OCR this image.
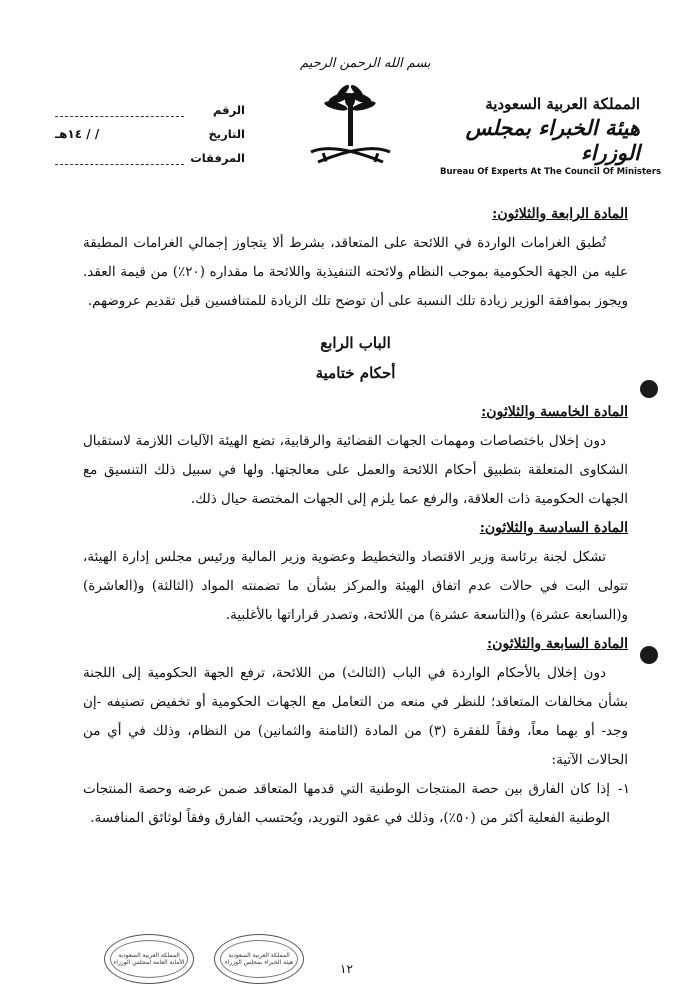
بسم الله الرحمن الرحيم
المملكة العربية السعودية
هيئة الخبراء بمجلس الوزراء
Bureau Of Experts At The Council Of Ministers
الرقم
التاريخ
/ / ١٤هـ
المرفقات

المادة الرابعة والثلاثون:

تُطبق الغرامات الواردة في اللائحة على المتعاقد، بشرط ألا يتجاوز إجمالي الغرامات المطبقة عليه من الجهة الحكومية بموجب النظام ولائحته التنفيذية واللائحة ما مقداره (٢٠٪) من قيمة العقد. ويجوز بموافقة الوزير زيادة تلك النسبة على أن توضح تلك الزيادة للمتنافسين قبل تقديم عروضهم.

الباب الرابع
أحكام ختامية

المادة الخامسة والثلاثون:

دون إخلال باختصاصات ومهمات الجهات القضائية والرقابية، تضع الهيئة الآليات اللازمة لاستقبال الشكاوى المتعلقة بتطبيق أحكام اللائحة والعمل على معالجتها. ولها في سبيل ذلك التنسيق مع الجهات الحكومية ذات العلاقة، والرفع عما يلزم إلى الجهات المختصة حيال ذلك.

المادة السادسة والثلاثون:

تشكل لجنة برئاسة وزير الاقتصاد والتخطيط وعضوية وزير المالية ورئيس مجلس إدارة الهيئة، تتولى البت في حالات عدم اتفاق الهيئة والمركز بشأن ما تضمنته المواد (الثالثة) و(العاشرة) و(السابعة عشرة) و(التاسعة عشرة) من اللائحة، وتصدر قراراتها بالأغلبية.

المادة السابعة والثلاثون:

دون إخلال بالأحكام الواردة في الباب (الثالث) من اللائحة، ترفع الجهة الحكومية إلى اللجنة بشأن مخالفات المتعاقد؛ للنظر في منعه من التعامل مع الجهات الحكومية أو تخفيض تصنيفه -إن وجد- أو بهما معاً، وفقاً للفقرة (٣) من المادة (الثامنة والثمانين) من النظام، وذلك في أي من الحالات الآتية:

١-
إذا كان الفارق بين حصة المنتجات الوطنية التي قدمها المتعاقد ضمن عرضه وحصة المنتجات الوطنية الفعلية أكثر من (٥٠٪)، وذلك في عقود التوريد، ويُحتسب الفارق وفقاً لوثائق المنافسة.

المملكة العربية السعودية
الأمانة العامة لمجلس الوزراء
المملكة العربية السعودية
هيئة الخبراء بمجلس الوزراء	١٢
